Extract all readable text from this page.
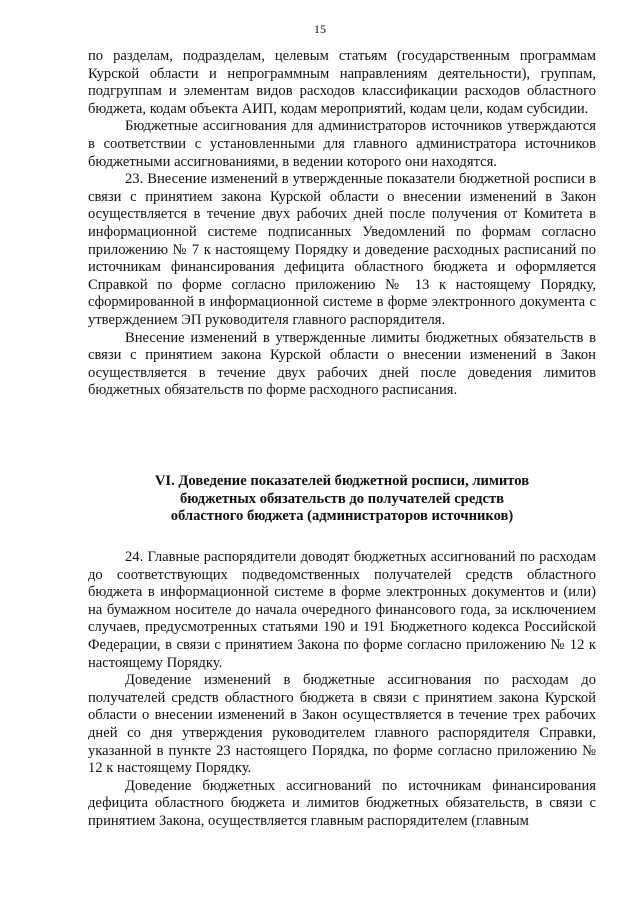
15

по разделам, подразделам, целевым статьям (государственным программам Курской области и непрограммным направлениям деятельности), группам, подгруппам и элементам видов расходов классификации расходов областного бюджета, кодам объекта АИП, кодам мероприятий, кодам цели, кодам субсидии.

Бюджетные ассигнования для администраторов источников утверждаются в соответствии с установленными для главного администратора источников бюджетными ассигнованиями, в ведении которого они находятся.

23. Внесение изменений в утвержденные показатели бюджетной росписи в связи с принятием закона Курской области о внесении изменений в Закон осуществляется в течение двух рабочих дней после получения от Комитета в информационной системе подписанных Уведомлений по формам согласно приложению № 7 к настоящему Порядку и доведение расходных расписаний по источникам финансирования дефицита областного бюджета и оформляется Справкой по форме согласно приложению № 13 к настоящему Порядку, сформированной в информационной системе в форме электронного документа с утверждением ЭП руководителя главного распорядителя.

Внесение изменений в утвержденные лимиты бюджетных обязательств в связи с принятием закона Курской области о внесении изменений в Закон осуществляется в течение двух рабочих дней после доведения лимитов бюджетных обязательств по форме расходного расписания.

VI. Доведение показателей бюджетной росписи, лимитов
бюджетных обязательств до получателей средств
областного бюджета (администраторов источников)

24. Главные распорядители доводят бюджетных ассигнований по расходам до соответствующих подведомственных получателей средств областного бюджета в информационной системе в форме электронных документов и (или) на бумажном носителе до начала очередного финансового года, за исключением случаев, предусмотренных статьями 190 и 191 Бюджетного кодекса Российской Федерации, в связи с принятием Закона по форме согласно приложению № 12 к настоящему Порядку.

Доведение изменений в бюджетные ассигнования по расходам до получателей средств областного бюджета в связи с принятием закона Курской области о внесении изменений в Закон осуществляется в течение трех рабочих дней со дня утверждения руководителем главного распорядителя Справки, указанной в пункте 23 настоящего Порядка, по форме согласно приложению № 12 к настоящему Порядку.

Доведение бюджетных ассигнований по источникам финансирования дефицита областного бюджета и лимитов бюджетных обязательств, в связи с принятием Закона, осуществляется главным распорядителем (главным
